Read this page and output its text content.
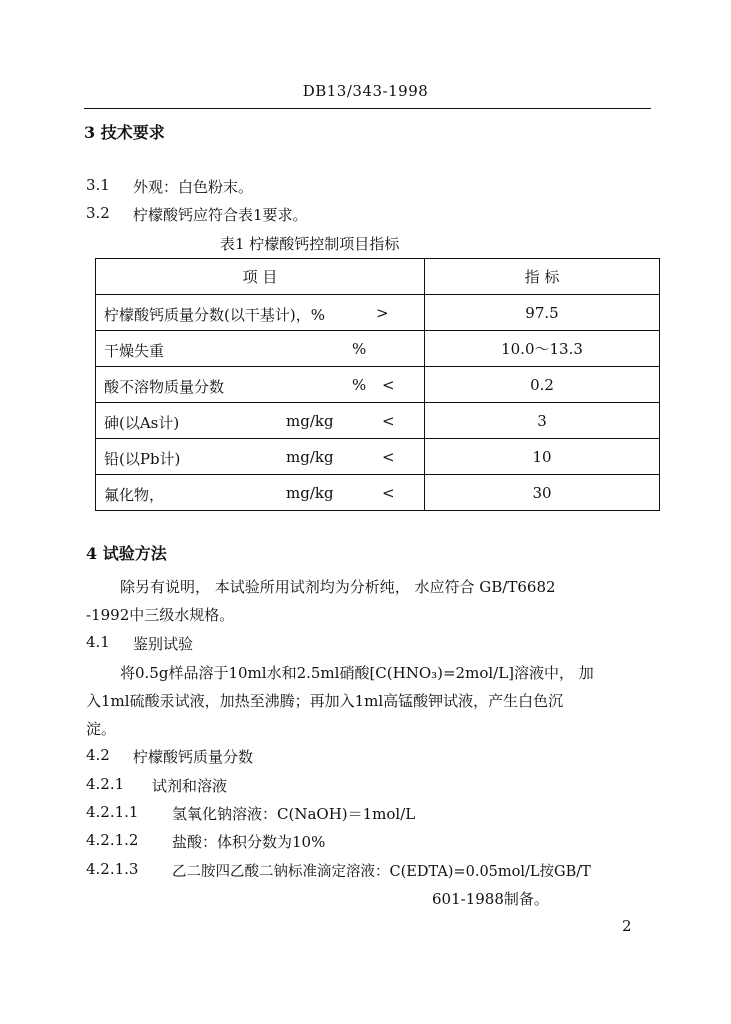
DB13/343-1998
3 技术要求
3.1 外观：白色粉末。
3.2 柠檬酸钙应符合表1要求。
表1 柠檬酸钙控制项目指标
项 目	指 标

柠檬酸钙质量分数(以干基计)，% >	97.5

干燥失重 %	10.0～13.3

酸不溶物质量分数 % <	0.2

砷(以As计) mg/kg <	3

铅(以Pb计) mg/kg <	10

氟化物， mg/kg <	30
4 试验方法
除另有说明， 本试验所用试剂均为分析纯， 水应符合 GB/T6682
-1992中三级水规格。
4.1 鉴别试验
将0.5g样品溶于10ml水和2.5ml硝酸[C(HNO₃)=2mol/L]溶液中， 加
入1ml硫酸汞试液，加热至沸腾；再加入1ml高锰酸钾试液，产生白色沉
淀。
4.2 柠檬酸钙质量分数
4.2.1 试剂和溶液
4.2.1.1 氢氧化钠溶液：C(NaOH)＝1mol/L
4.2.1.2 盐酸：体积分数为10%
4.2.1.3 乙二胺四乙酸二钠标准滴定溶液：C(EDTA)=0.05mol/L按GB/T
601-1988制备。
2
